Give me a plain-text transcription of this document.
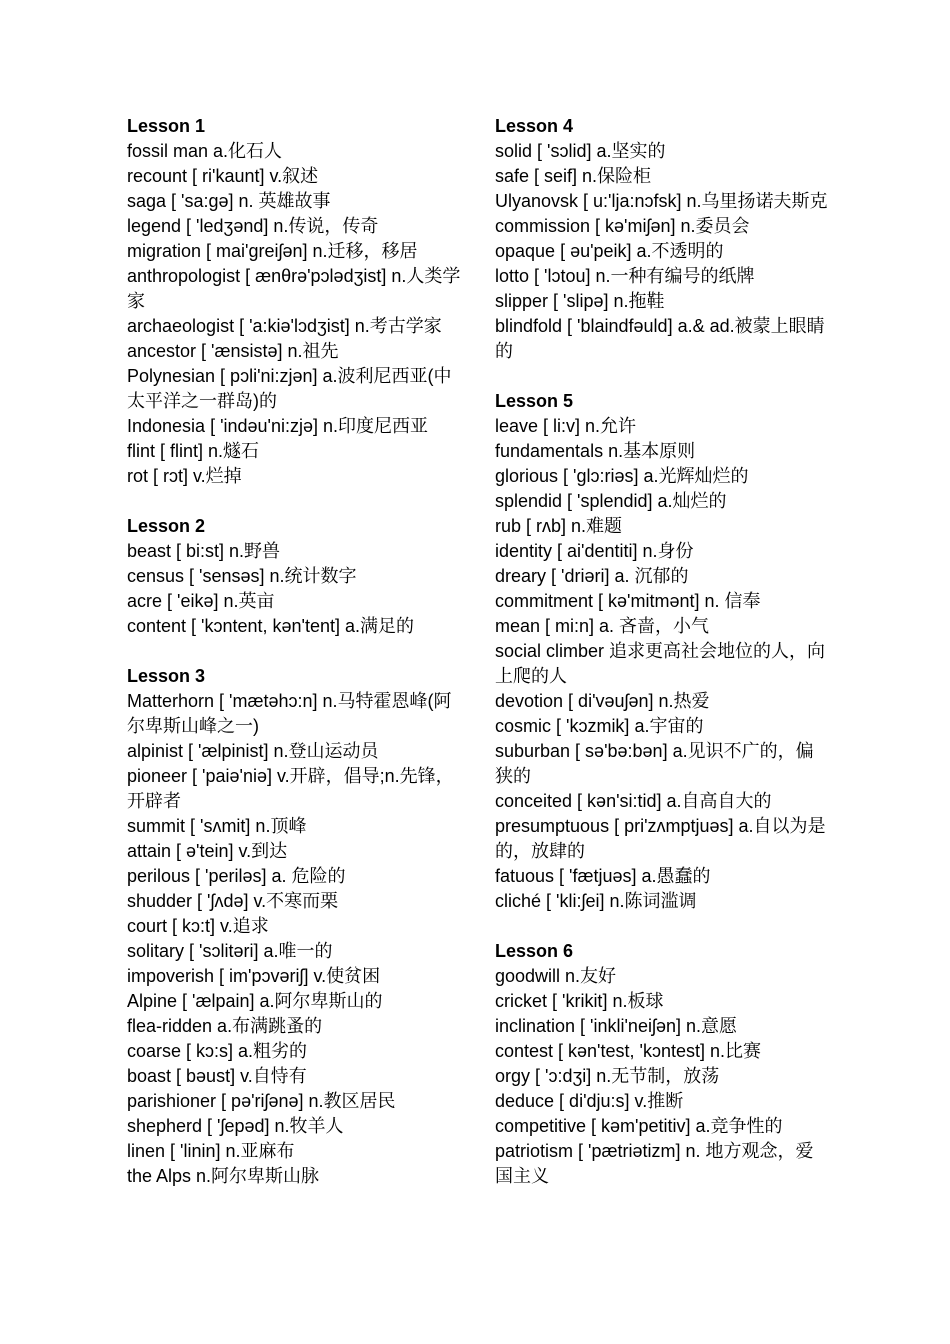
Lesson 1
fossil man a.化石人
recount [ ri'kaunt] v.叙述
saga [ 'sa:gə] n. 英雄故事
legend [ 'ledʒənd] n.传说，传奇
migration [ mai'greiʃən] n.迁移，移居
anthropologist [ ænθrə'pɔlədʒist] n.人类学家
archaeologist [ 'a:kiə'lɔdʒist] n.考古学家
ancestor [ 'ænsistə] n.祖先
Polynesian [ pɔli'ni:zjən] a.波利尼西亚(中太平洋之一群岛)的
Indonesia [ 'indəu'ni:zjə] n.印度尼西亚
flint [ flint] n.燧石
rot [ rɔt] v.烂掉
Lesson 2
beast [ bi:st] n.野兽
census [ 'sensəs] n.统计数字
acre [ 'eikə] n.英亩
content [ 'kɔntent, kən'tent] a.满足的
Lesson 3
Matterhorn [ 'mætəhɔ:n] n.马特霍恩峰(阿尔卑斯山峰之一)
alpinist [ 'ælpinist] n.登山运动员
pioneer [ 'paiə'niə] v.开辟，倡导;n.先锋，开辟者
summit [ 'sʌmit] n.顶峰
attain [ ə'tein] v.到达
perilous [ 'periləs] a. 危险的
shudder [ 'ʃʌdə] v.不寒而栗
court [ kɔ:t] v.追求
solitary [ 'sɔlitəri] a.唯一的
impoverish [ im'pɔvəriʃ] v.使贫困
Alpine [ 'ælpain] a.阿尔卑斯山的
flea-ridden a.布满跳蚤的
coarse [ kɔ:s] a.粗劣的
boast [ bəust] v.自恃有
parishioner [ pə'riʃənə] n.教区居民
shepherd [ 'ʃepəd] n.牧羊人
linen [ 'linin] n.亚麻布
the Alps n.阿尔卑斯山脉
Lesson 4
solid [ 'sɔlid] a.坚实的
safe [ seif] n.保险柜
Ulyanovsk [ u:'lja:nɔfsk] n.乌里扬诺夫斯克
commission [ kə'miʃən] n.委员会
opaque [ əu'peik] a.不透明的
lotto [ 'lɔtou] n.一种有编号的纸牌
slipper [ 'slipə] n.拖鞋
blindfold [ 'blaindfəuld] a.& ad.被蒙上眼睛的
Lesson 5
leave [ li:v] n.允许
fundamentals n.基本原则
glorious [ 'glɔ:riəs] a.光辉灿烂的
splendid [ 'splendid] a.灿烂的
rub [ rʌb] n.难题
identity [ ai'dentiti] n.身份
dreary [ 'driəri] a. 沉郁的
commitment [ kə'mitmənt] n. 信奉
mean [ mi:n] a. 吝啬，小气
social climber 追求更高社会地位的人，向上爬的人
devotion [ di'vəuʃən] n.热爱
cosmic [ 'kɔzmik] a.宇宙的
suburban [ sə'bə:bən] a.见识不广的，偏狭的
conceited [ kən'si:tid] a.自高自大的
presumptuous [ pri'zʌmptjuəs] a.自以为是的，放肆的
fatuous [ 'fætjuəs] a.愚蠢的
cliché [ 'kli:ʃei] n.陈词滥调
Lesson 6
goodwill n.友好
cricket [ 'krikit] n.板球
inclination [ 'inkli'neiʃən] n.意愿
contest [ kən'test, 'kɔntest] n.比赛
orgy [ 'ɔ:dʒi] n.无节制，放荡
deduce [ di'dju:s] v.推断
competitive [ kəm'petitiv] a.竞争性的
patriotism [ 'pætriətizm] n. 地方观念，爱国主义
